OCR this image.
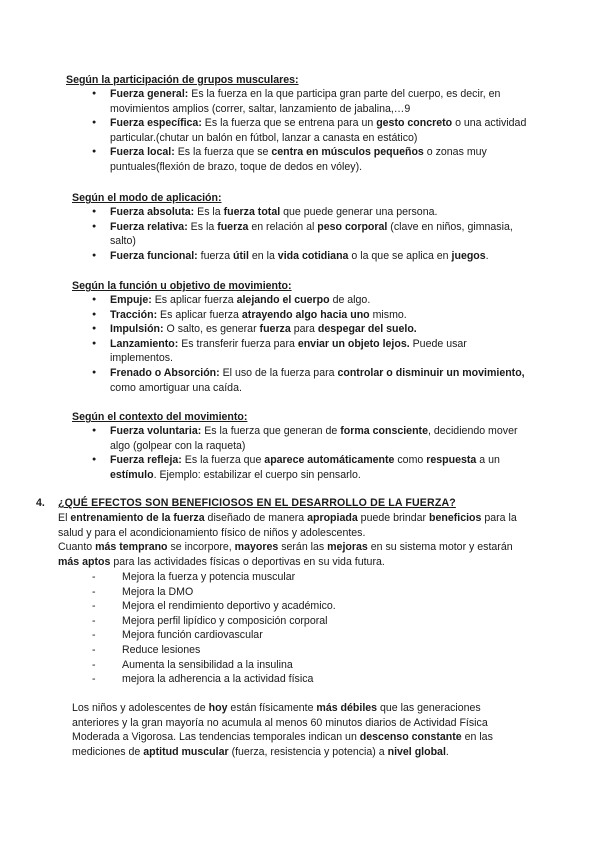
Según la participación de grupos musculares:
● Fuerza general: Es la fuerza en la que participa gran parte del cuerpo, es decir, en movimientos amplios (correr, saltar, lanzamiento de jabalina,…9
● Fuerza específica: Es la fuerza que se entrena para un gesto concreto o una actividad particular.(chutar un balón en fútbol, lanzar a canasta en estático)
● Fuerza local: Es la fuerza que se centra en músculos pequeños o zonas muy puntuales(flexión de brazo, toque de dedos en vóley).
Según el modo de aplicación:
● Fuerza absoluta: Es la fuerza total que puede generar una persona.
● Fuerza relativa: Es la fuerza en relación al peso corporal (clave en niños, gimnasia, salto)
● Fuerza funcional: fuerza útil en la vida cotidiana o la que se aplica en juegos.
Según la función u objetivo de movimiento:
● Empuje: Es aplicar fuerza alejando el cuerpo de algo.
● Tracción: Es aplicar fuerza atrayendo algo hacia uno mismo.
● Impulsión: O salto, es generar fuerza para despegar del suelo.
● Lanzamiento: Es transferir fuerza para enviar un objeto lejos. Puede usar implementos.
● Frenado o Absorción: El uso de la fuerza para controlar o disminuir un movimiento, como amortiguar una caída.
Según el contexto del movimiento:
● Fuerza voluntaria: Es la fuerza que generan de forma consciente, decidiendo mover algo (golpear con la raqueta)
● Fuerza refleja: Es la fuerza que aparece automáticamente como respuesta a un estímulo. Ejemplo: estabilizar el cuerpo sin pensarlo.
4. ¿QUÉ EFECTOS SON BENEFICIOSOS EN EL DESARROLLO DE LA FUERZA?

El entrenamiento de la fuerza diseñado de manera apropiada puede brindar beneficios para la salud y para el acondicionamiento físico de niños y adolescentes.
Cuanto más temprano se incorpore, mayores serán las mejoras en su sistema motor y estarán más aptos para las actividades físicas o deportivas en su vida futura.

- Mejora la fuerza y potencia muscular
- Mejora la DMO
- Mejora el rendimiento deportivo y académico.
- Mejora perfil lipídico y composición corporal
- Mejora función cardiovascular
- Reduce lesiones
- Aumenta la sensibilidad a la insulina
- mejora la adherencia a la actividad física

Los niños y adolescentes de hoy están físicamente más débiles que las generaciones anteriores y la gran mayoría no acumula al menos 60 minutos diarios de Actividad Física Moderada a Vigorosa. Las tendencias temporales indican un descenso constante en las mediciones de aptitud muscular (fuerza, resistencia y potencia) a nivel global.
